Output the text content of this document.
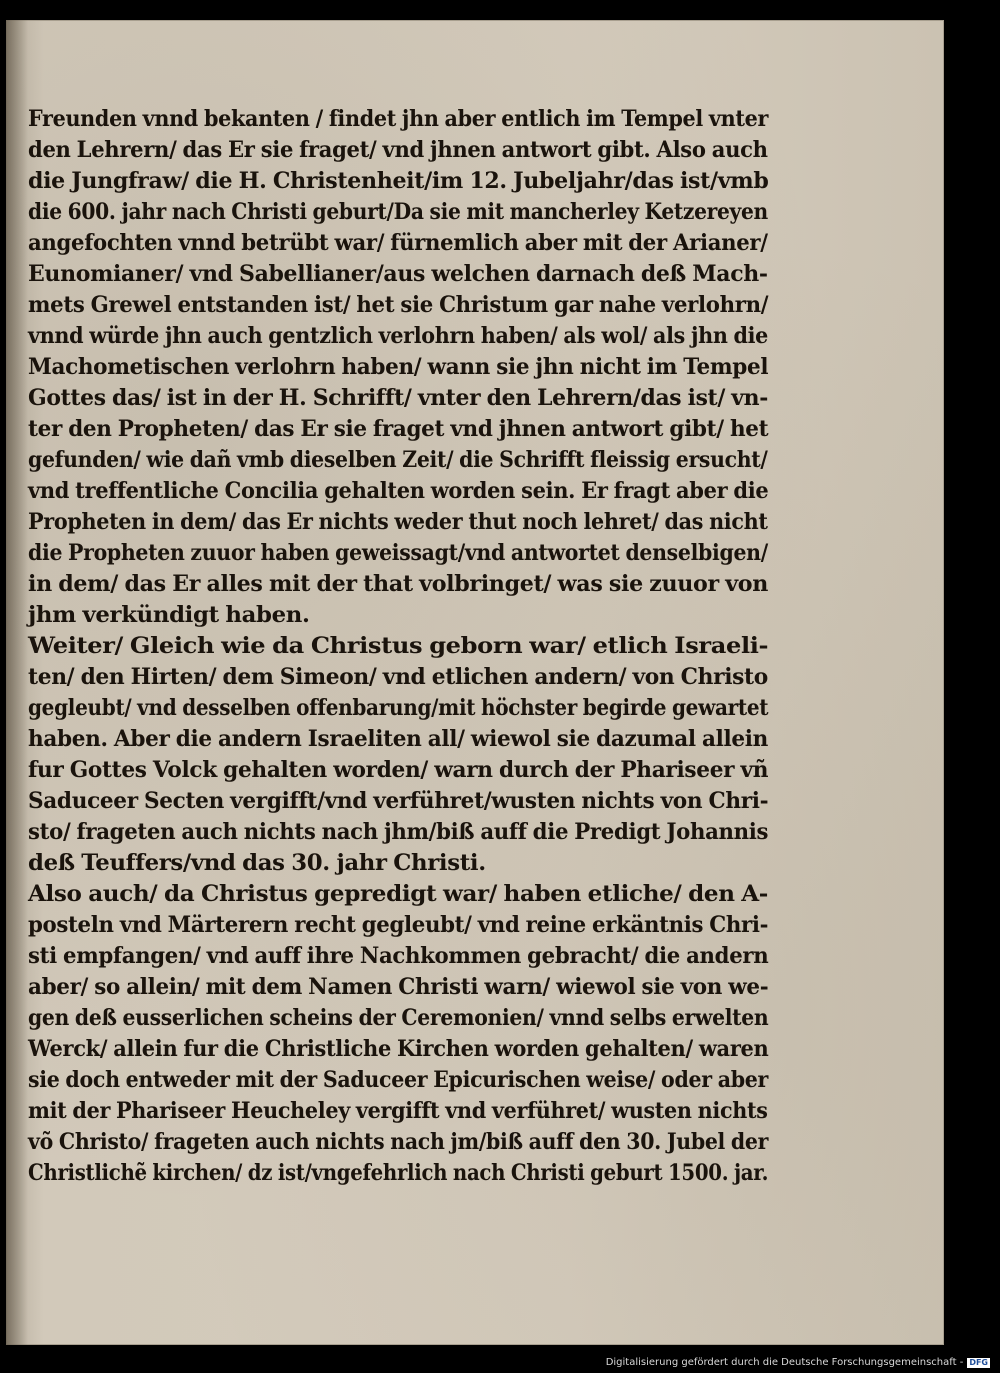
Freunden vnnd bekanten / findet jhn aber entlich im Tempel vnter
den Lehrern/ das Er sie fraget/ vnd jhnen antwort gibt. Also auch
die Jungfraw/ die H. Christenheit/im 12. Jubeljahr/das ist/vmb
die 600. jahr nach Christi geburt/Da sie mit mancherley Ketzereyen
angefochten vnnd betrübt war/ fürnemlich aber mit der Arianer/
Eunomianer/ vnd Sabellianer/aus welchen darnach deß Mach-
mets Grewel entstanden ist/ het sie Christum gar nahe verlohrn/
vnnd würde jhn auch gentzlich verlohrn haben/ als wol/ als jhn die
Machometischen verlohrn haben/ wann sie jhn nicht im Tempel
Gottes das/ ist in der H. Schrifft/ vnter den Lehrern/das ist/ vn-
ter den Propheten/ das Er sie fraget vnd jhnen antwort gibt/ het
gefunden/ wie dañ vmb dieselben Zeit/ die Schrifft fleissig ersucht/
vnd treffentliche Concilia gehalten worden sein. Er fragt aber die
Propheten in dem/ das Er nichts weder thut noch lehret/ das nicht
die Propheten zuuor haben geweissagt/vnd antwortet denselbigen/
in dem/ das Er alles mit der that volbringet/ was sie zuuor von
jhm verkündigt haben.
Weiter/ Gleich wie da Christus geborn war/ etlich Israeli-
ten/ den Hirten/ dem Simeon/ vnd etlichen andern/ von Christo
gegleubt/ vnd desselben offenbarung/mit höchster begirde gewartet
haben. Aber die andern Israeliten all/ wiewol sie dazumal allein
fur Gottes Volck gehalten worden/ warn durch der Phariseer vñ
Saduceer Secten vergifft/vnd verführet/wusten nichts von Chri-
sto/ frageten auch nichts nach jhm/biß auff die Predigt Johannis
deß Teuffers/vnd das 30. jahr Christi.
Also auch/ da Christus gepredigt war/ haben etliche/ den A-
posteln vnd Märterern recht gegleubt/ vnd reine erkäntnis Chri-
sti empfangen/ vnd auff ihre Nachkommen gebracht/ die andern
aber/ so allein/ mit dem Namen Christi warn/ wiewol sie von we-
gen deß eusserlichen scheins der Ceremonien/ vnnd selbs erwelten
Werck/ allein fur die Christliche Kirchen worden gehalten/ waren
sie doch entweder mit der Saduceer Epicurischen weise/ oder aber
mit der Phariseer Heucheley vergifft vnd verführet/ wusten nichts
võ Christo/ frageten auch nichts nach jm/biß auff den 30. Jubel der
Christlichẽ kirchen/ dz ist/vngefehrlich nach Christi geburt 1500. jar.
Digitalisierung gefördert durch die Deutsche Forschungsgemeinschaft - DFG
